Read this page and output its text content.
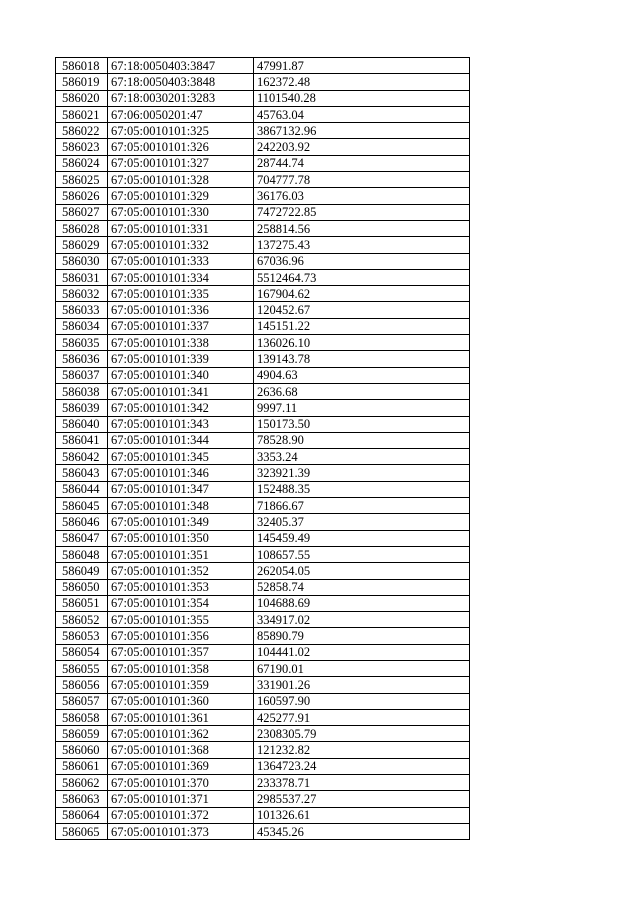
586018	67:18:0050403:3847	47991.87
586019	67:18:0050403:3848	162372.48
586020	67:18:0030201:3283	1101540.28
586021	67:06:0050201:47	45763.04
586022	67:05:0010101:325	3867132.96
586023	67:05:0010101:326	242203.92
586024	67:05:0010101:327	28744.74
586025	67:05:0010101:328	704777.78
586026	67:05:0010101:329	36176.03
586027	67:05:0010101:330	7472722.85
586028	67:05:0010101:331	258814.56
586029	67:05:0010101:332	137275.43
586030	67:05:0010101:333	67036.96
586031	67:05:0010101:334	5512464.73
586032	67:05:0010101:335	167904.62
586033	67:05:0010101:336	120452.67
586034	67:05:0010101:337	145151.22
586035	67:05:0010101:338	136026.10
586036	67:05:0010101:339	139143.78
586037	67:05:0010101:340	4904.63
586038	67:05:0010101:341	2636.68
586039	67:05:0010101:342	9997.11
586040	67:05:0010101:343	150173.50
586041	67:05:0010101:344	78528.90
586042	67:05:0010101:345	3353.24
586043	67:05:0010101:346	323921.39
586044	67:05:0010101:347	152488.35
586045	67:05:0010101:348	71866.67
586046	67:05:0010101:349	32405.37
586047	67:05:0010101:350	145459.49
586048	67:05:0010101:351	108657.55
586049	67:05:0010101:352	262054.05
586050	67:05:0010101:353	52858.74
586051	67:05:0010101:354	104688.69
586052	67:05:0010101:355	334917.02
586053	67:05:0010101:356	85890.79
586054	67:05:0010101:357	104441.02
586055	67:05:0010101:358	67190.01
586056	67:05:0010101:359	331901.26
586057	67:05:0010101:360	160597.90
586058	67:05:0010101:361	425277.91
586059	67:05:0010101:362	2308305.79
586060	67:05:0010101:368	121232.82
586061	67:05:0010101:369	1364723.24
586062	67:05:0010101:370	233378.71
586063	67:05:0010101:371	2985537.27
586064	67:05:0010101:372	101326.61
586065	67:05:0010101:373	45345.26
